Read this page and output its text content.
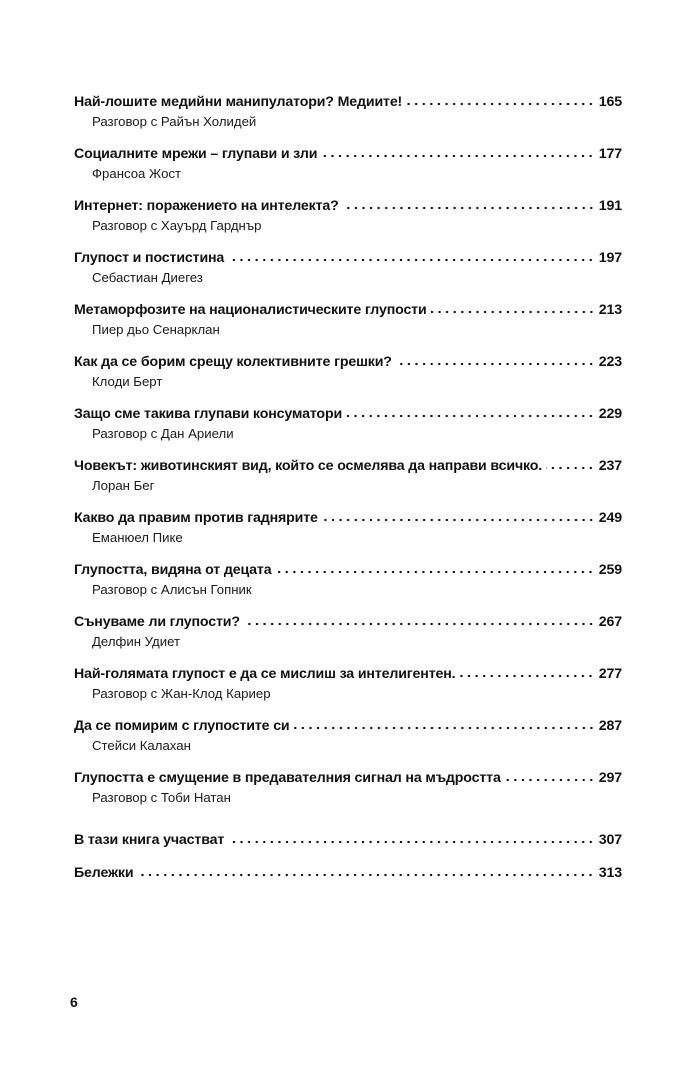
Най-лошите медийни манипулатори? Медиите!	165
Разговор с Райън Холидей
Социалните мрежи – глупави и зли	177
Франсоа Жост
Интернет: поражението на интелекта?	191
Разговор с Хауърд Гарднър
Глупост и постистина	197
Себастиан Диегез
Метаморфозите на националистическите глупости	213
Пиер дьо Сенарклан
Как да се борим срещу колективните грешки?	223
Клоди Берт
Защо сме такива глупави консуматори	229
Разговор с Дан Ариели
Човекът: животинският вид, който се осмелява да направи всичко.	237
Лоран Бег
Какво да правим против гаднярите	249
Еманюел Пике
Глупостта, видяна от децата	259
Разговор с Алисън Гопник
Сънуваме ли глупости?	267
Делфин Удиет
Най-голямата глупост е да се мислиш за интелигентен.	277
Разговор с Жан-Клод Кариер
Да се помирим с глупостите си	287
Стейси Калахан
Глупостта е смущение в предавателния сигнал на мъдростта	297
Разговор с Тоби Натан
В тази книга участват	307
Бележки	313
6
